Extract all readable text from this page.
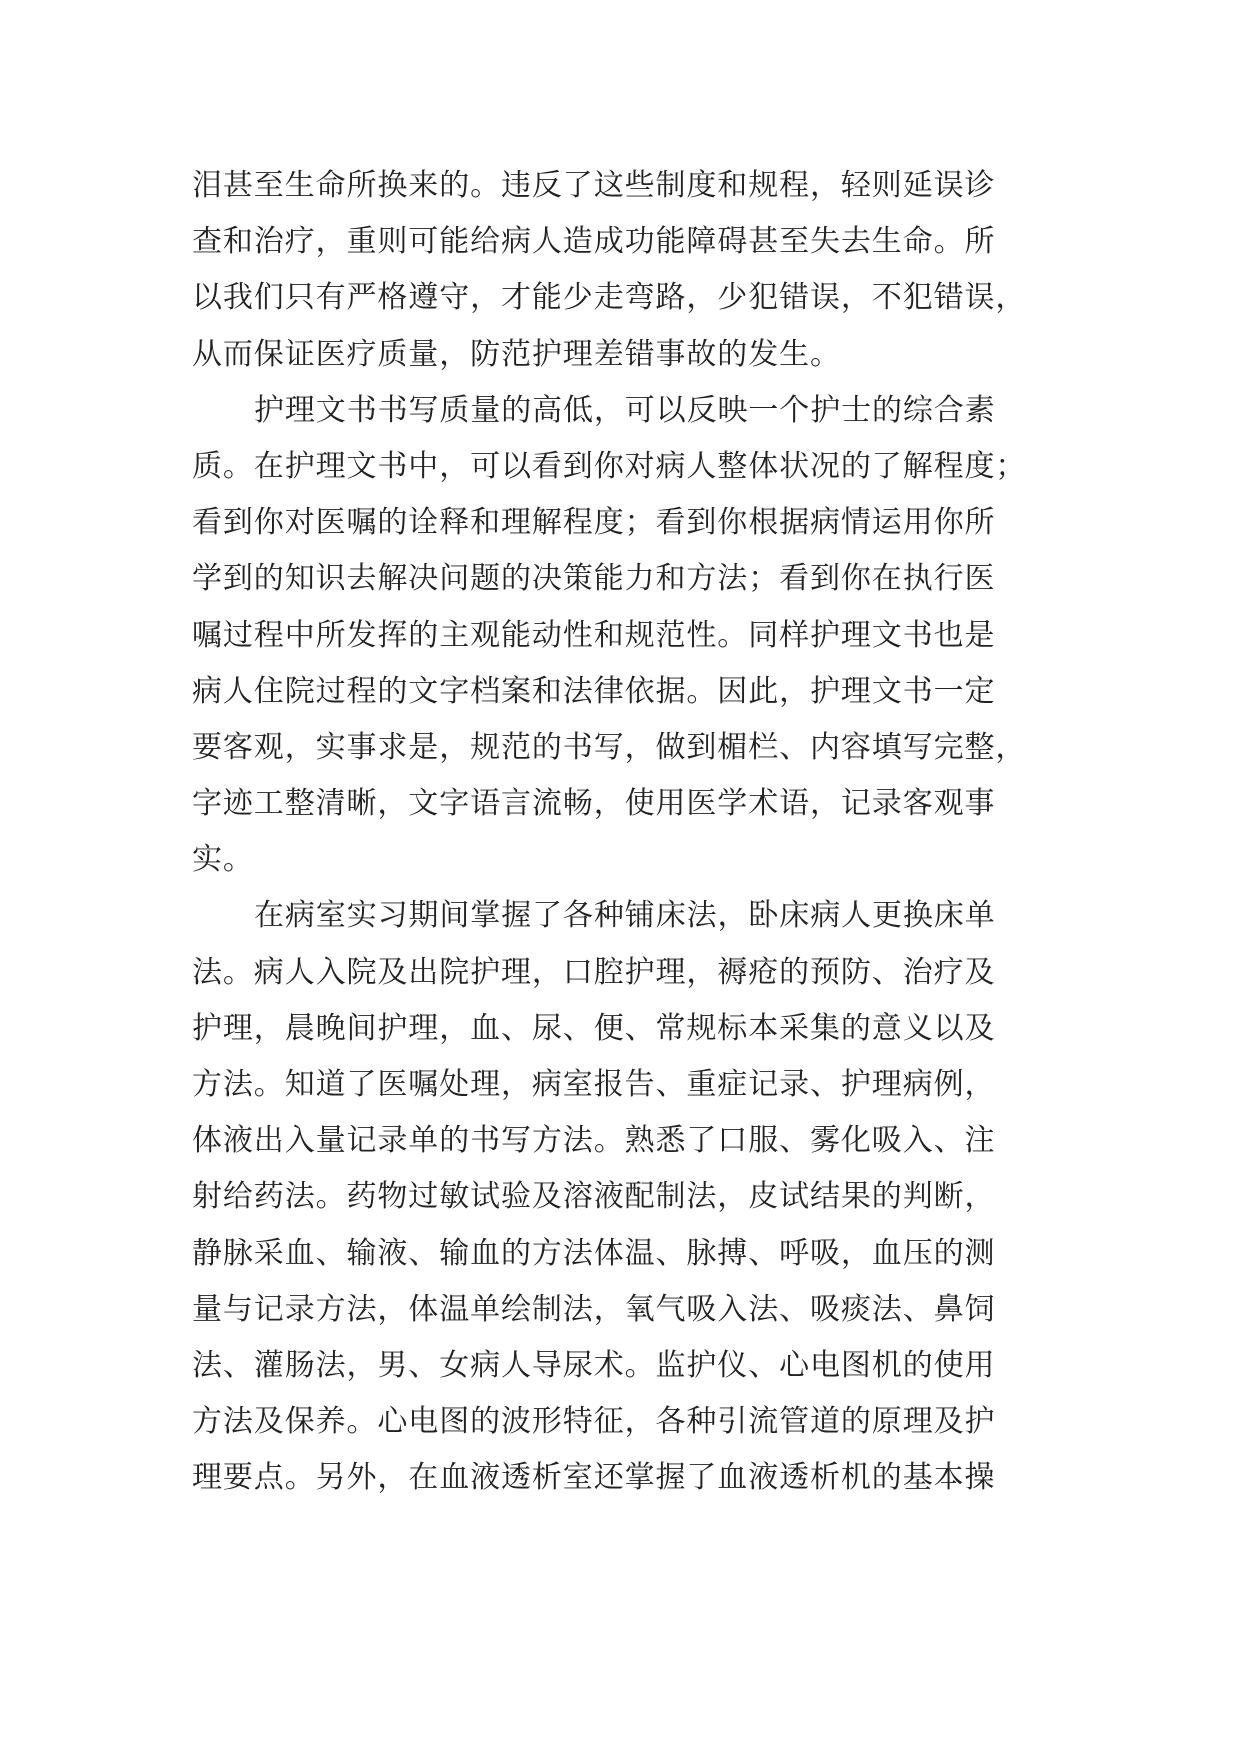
泪甚至生命所换来的。违反了这些制度和规程，轻则延误诊
查和治疗，重则可能给病人造成功能障碍甚至失去生命。所
以我们只有严格遵守，才能少走弯路，少犯错误，不犯错误，
从而保证医疗质量，防范护理差错事故的发生。
护理文书书写质量的高低，可以反映一个护士的综合素
质。在护理文书中，可以看到你对病人整体状况的了解程度；
看到你对医嘱的诠释和理解程度；看到你根据病情运用你所
学到的知识去解决问题的决策能力和方法；看到你在执行医
嘱过程中所发挥的主观能动性和规范性。同样护理文书也是
病人住院过程的文字档案和法律依据。因此，护理文书一定
要客观，实事求是，规范的书写，做到楣栏、内容填写完整，
字迹工整清晰，文字语言流畅，使用医学术语，记录客观事
实。
在病室实习期间掌握了各种铺床法，卧床病人更换床单
法。病人入院及出院护理，口腔护理，褥疮的预防、治疗及
护理，晨晚间护理，血、尿、便、常规标本采集的意义以及
方法。知道了医嘱处理，病室报告、重症记录、护理病例，
体液出入量记录单的书写方法。熟悉了口服、雾化吸入、注
射给药法。药物过敏试验及溶液配制法，皮试结果的判断，
静脉采血、输液、输血的方法体温、脉搏、呼吸，血压的测
量与记录方法，体温单绘制法，氧气吸入法、吸痰法、鼻饲
法、灌肠法，男、女病人导尿术。监护仪、心电图机的使用
方法及保养。心电图的波形特征，各种引流管道的原理及护
理要点。另外，在血液透析室还掌握了血液透析机的基本操
